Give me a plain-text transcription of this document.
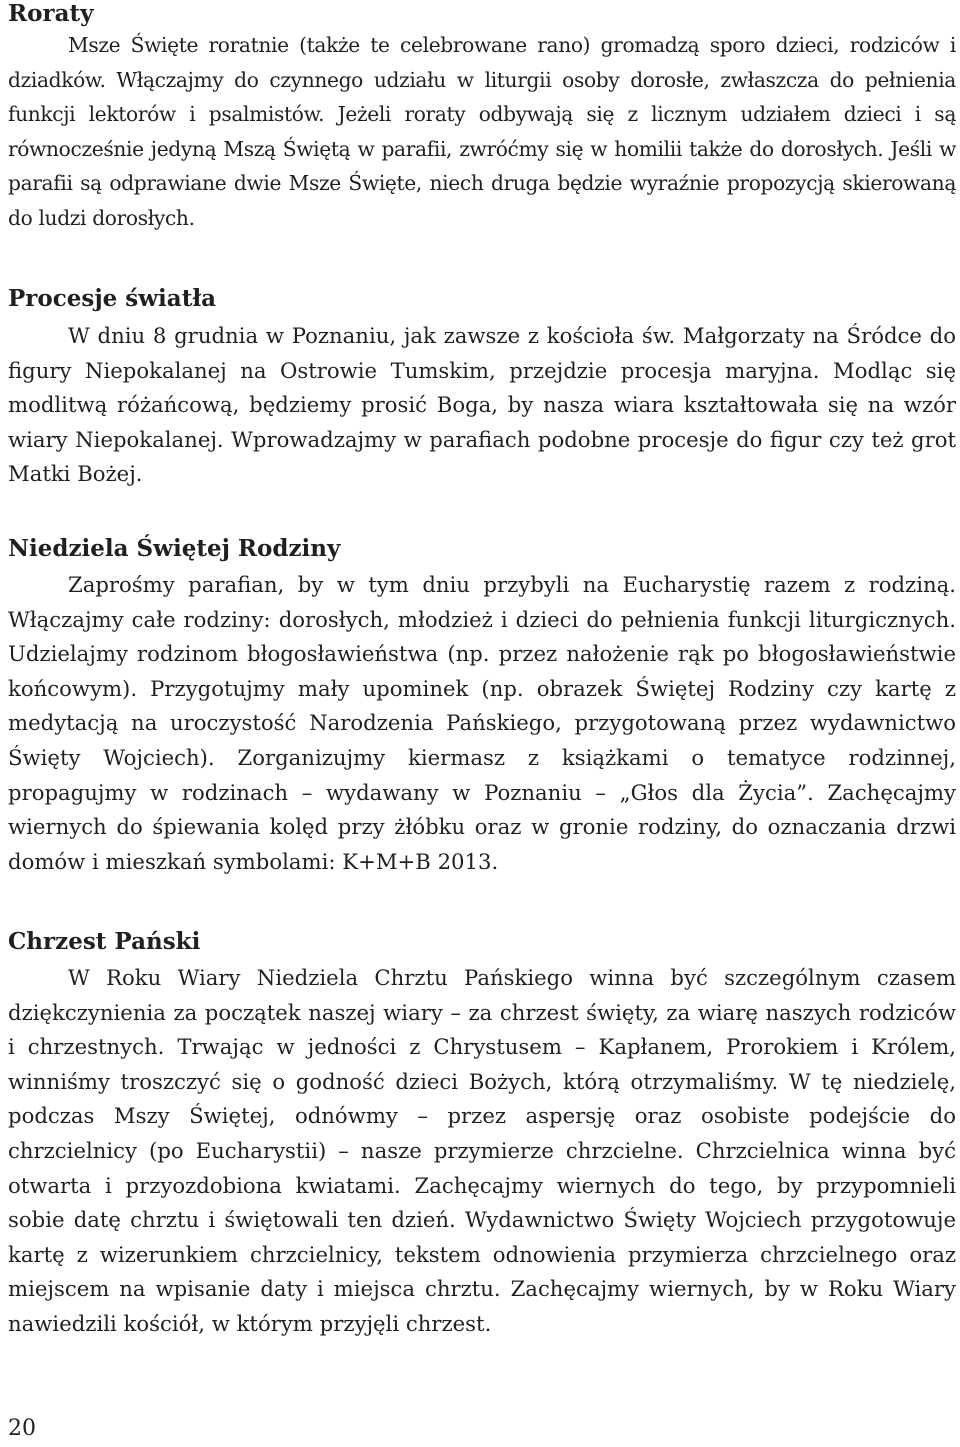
Roraty

Msze Święte roratnie (także te celebrowane rano) gromadzą sporo dzieci, rodziców i dziadków. Włączajmy do czynnego udziału w liturgii osoby dorosłe, zwłaszcza do pełnienia funkcji lektorów i psalmistów. Jeżeli roraty odbywają się z licznym udziałem dzieci i są równocześnie jedyną Mszą Świętą w parafii, zwróćmy się w homilii także do dorosłych. Jeśli w parafii są odprawiane dwie Msze Święte, niech druga będzie wyraźnie propozycją skierowaną do ludzi dorosłych.

Procesje światła

W dniu 8 grudnia w Poznaniu, jak zawsze z kościoła św. Małgorzaty na Śródce do figury Niepokalanej na Ostrowie Tumskim, przejdzie procesja maryjna. Modląc się modlitwą różańcową, będziemy prosić Boga, by nasza wiara kształtowała się na wzór wiary Niepokalanej. Wprowadzajmy w parafiach podobne procesje do figur czy też grot Matki Bożej.

Niedziela Świętej Rodziny

Zaprośmy parafian, by w tym dniu przybyli na Eucharystię razem z rodziną. Włączajmy całe rodziny: dorosłych, młodzież i dzieci do pełnienia funkcji liturgicznych. Udzielajmy rodzinom błogosławieństwa (np. przez nałożenie rąk po błogosławieństwie końcowym). Przygotujmy mały upominek (np. obrazek Świętej Rodziny czy kartę z medytacją na uroczystość Narodzenia Pańskiego, przygotowaną przez wydawnictwo Święty Wojciech). Zorganizujmy kiermasz z książkami o tematyce rodzinnej, propagujmy w rodzinach – wydawany w Poznaniu – „Głos dla Życia”. Zachęcajmy wiernych do śpiewania kolęd przy żłóbku oraz w gronie rodziny, do oznaczania drzwi domów i mieszkań symbolami: K+M+B 2013.

Chrzest Pański

W Roku Wiary Niedziela Chrztu Pańskiego winna być szczególnym czasem dziękczynienia za początek naszej wiary – za chrzest święty, za wiarę naszych rodziców i chrzestnych. Trwając w jedności z Chrystusem – Kapłanem, Prorokiem i Królem, winniśmy troszczyć się o godność dzieci Bożych, którą otrzymaliśmy. W tę niedzielę, podczas Mszy Świętej, odnówmy – przez aspersję oraz osobiste podejście do chrzcielnicy (po Eucharystii) – nasze przymierze chrzcielne. Chrzcielnica winna być otwarta i przyozdobiona kwiatami. Zachęcajmy wiernych do tego, by przypomnieli sobie datę chrztu i świętowali ten dzień. Wydawnictwo Święty Wojciech przygotowuje kartę z wizerunkiem chrzcielnicy, tekstem odnowienia przymierza chrzcielnego oraz miejscem na wpisanie daty i miejsca chrztu. Zachęcajmy wiernych, by w Roku Wiary nawiedzili kościół, w którym przyjęli chrzest.

20
